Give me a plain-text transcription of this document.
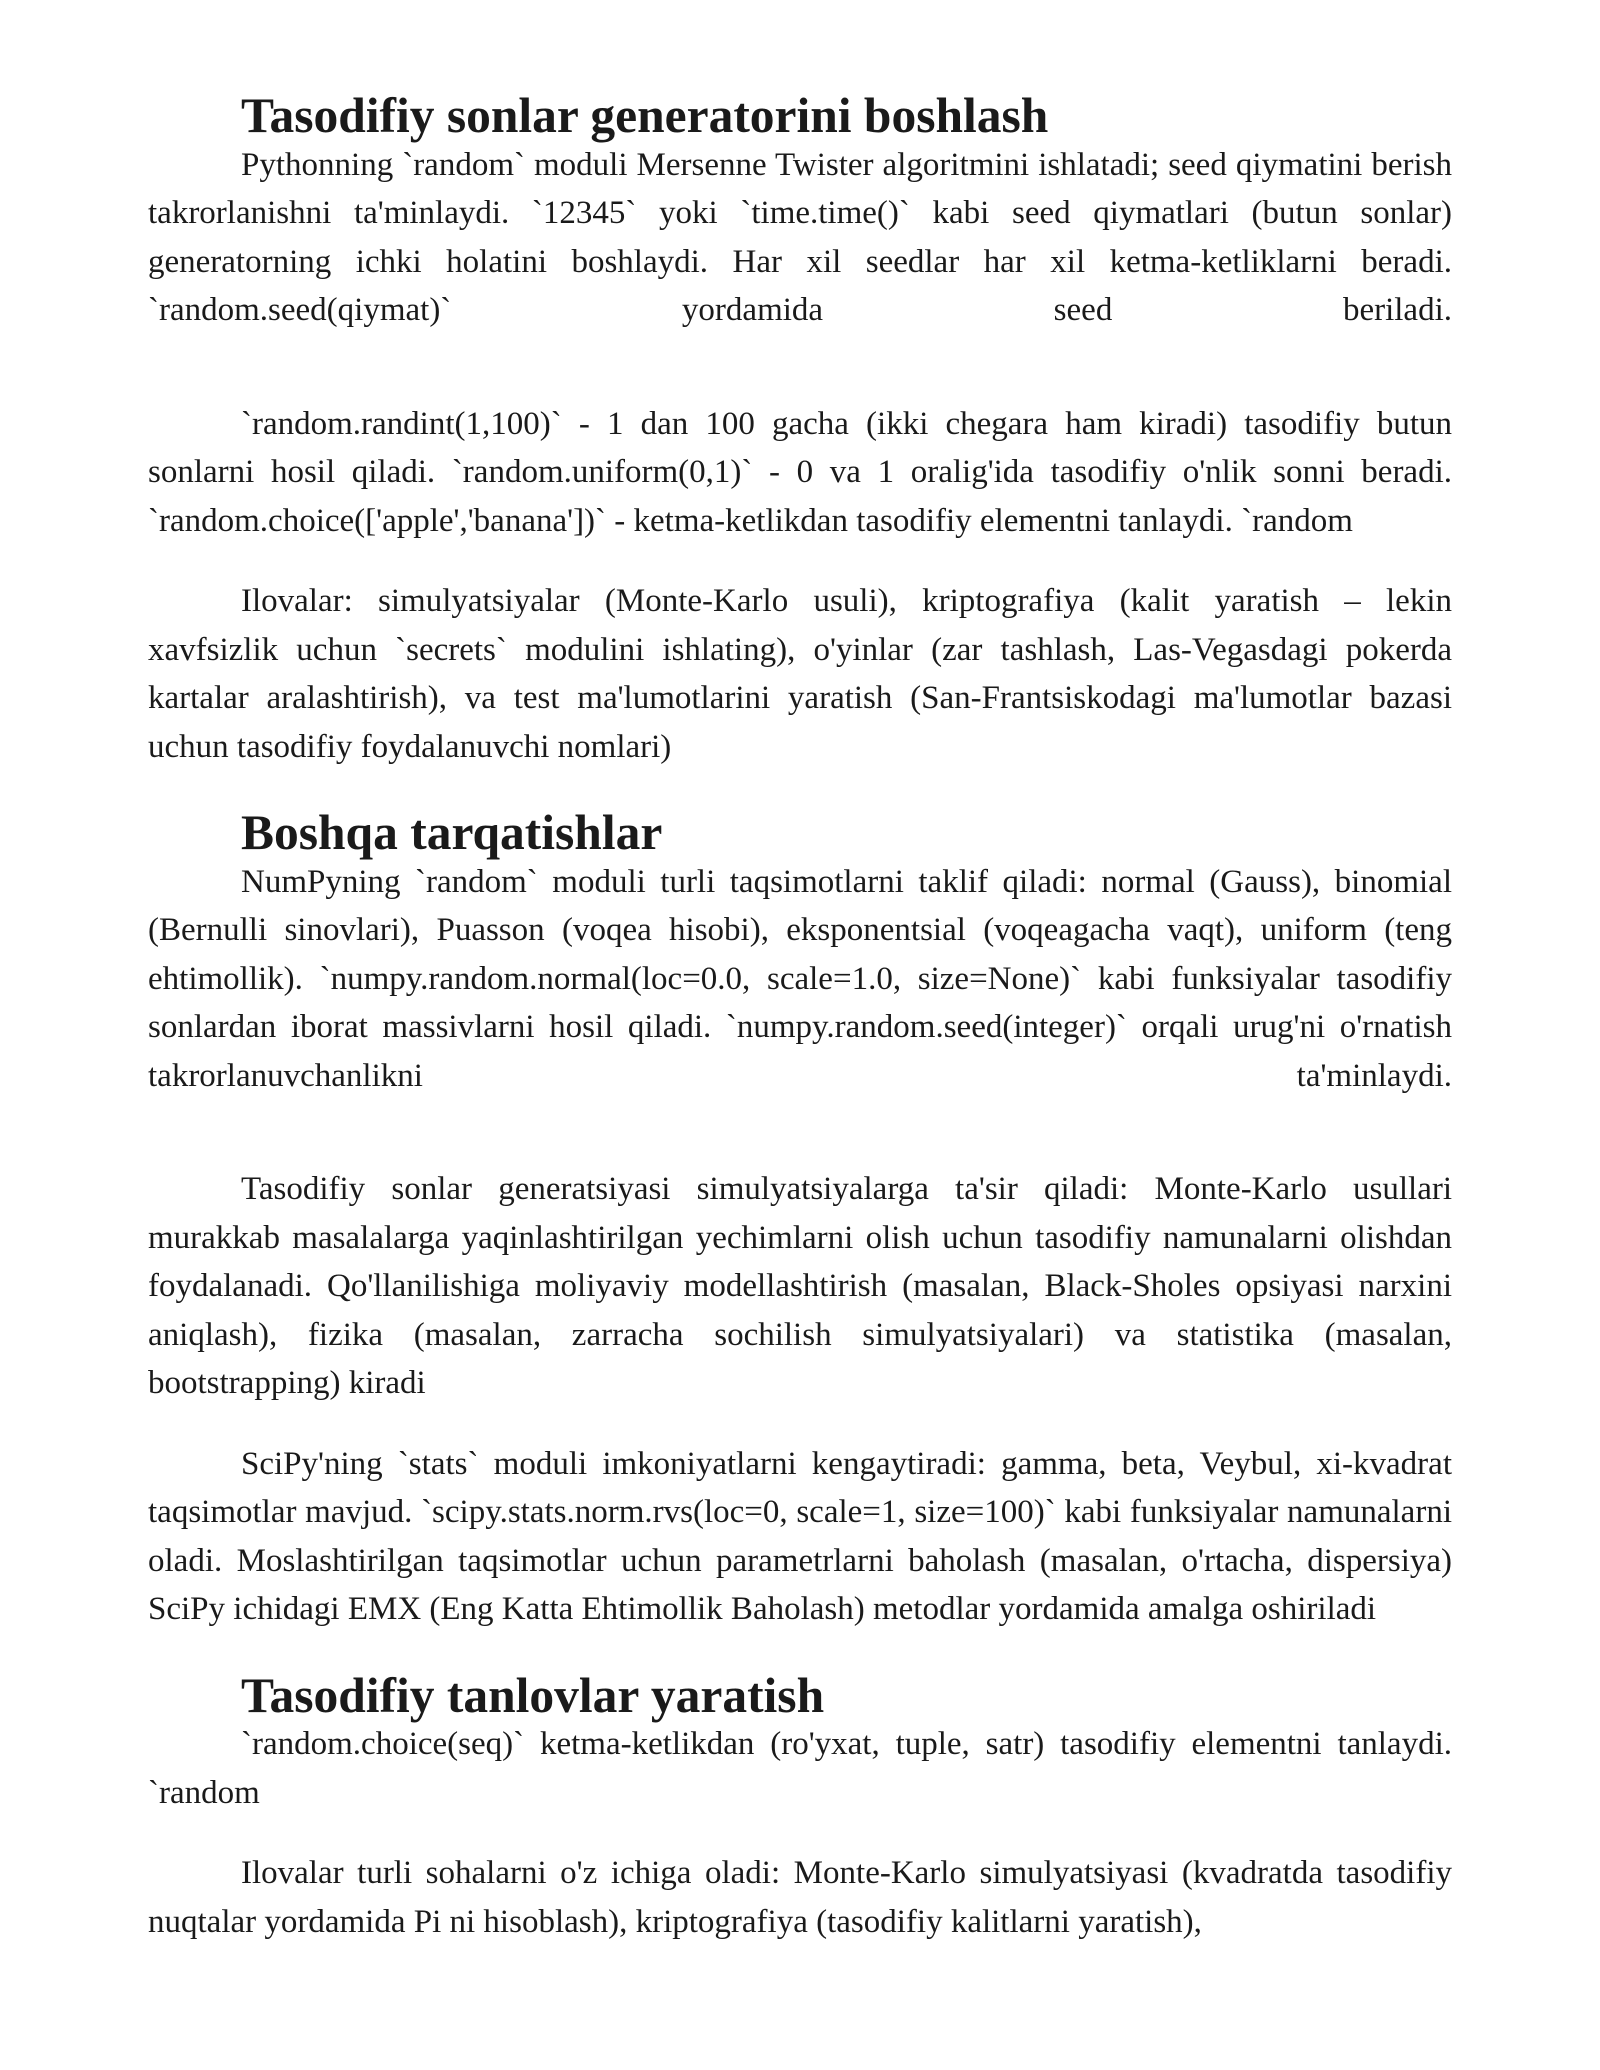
Tasodifiy sonlar generatorini boshlash

Pythonning `random` moduli Mersenne Twister algoritmini ishlatadi; seed qiymatini berish takrorlanishni ta'minlaydi. `12345` yoki `time.time()` kabi seed qiymatlari (butun sonlar) generatorning ichki holatini boshlaydi. Har xil seedlar har xil ketma-ketliklarni beradi. `random.seed(qiymat)` yordamida seed beriladi.

`random.randint(1,100)` - 1 dan 100 gacha (ikki chegara ham kiradi) tasodifiy butun sonlarni hosil qiladi. `random.uniform(0,1)` - 0 va 1 oralig'ida tasodifiy o'nlik sonni beradi. `random.choice(['apple','banana'])` - ketma-ketlikdan tasodifiy elementni tanlaydi. `random

Ilovalar: simulyatsiyalar (Monte-Karlo usuli), kriptografiya (kalit yaratish – lekin xavfsizlik uchun `secrets` modulini ishlating), o'yinlar (zar tashlash, Las-Vegasdagi pokerda kartalar aralashtirish), va test ma'lumotlarini yaratish (San-Frantsiskodagi ma'lumotlar bazasi uchun tasodifiy foydalanuvchi nomlari)

Boshqa tarqatishlar

NumPyning `random` moduli turli taqsimotlarni taklif qiladi: normal (Gauss), binomial (Bernulli sinovlari), Puasson (voqea hisobi), eksponentsial (voqeagacha vaqt), uniform (teng ehtimollik). `numpy.random.normal(loc=0.0, scale=1.0, size=None)` kabi funksiyalar tasodifiy sonlardan iborat massivlarni hosil qiladi. `numpy.random.seed(integer)` orqali urug'ni o'rnatish takrorlanuvchanlikni ta'minlaydi.

Tasodifiy sonlar generatsiyasi simulyatsiyalarga ta'sir qiladi: Monte-Karlo usullari murakkab masalalarga yaqinlashtirilgan yechimlarni olish uchun tasodifiy namunalarni olishdan foydalanadi. Qo'llanilishiga moliyaviy modellashtirish (masalan, Black-Sholes opsiyasi narxini aniqlash), fizika (masalan, zarracha sochilish simulyatsiyalari) va statistika (masalan, bootstrapping) kiradi

SciPy'ning `stats` moduli imkoniyatlarni kengaytiradi: gamma, beta, Veybul, xi-kvadrat taqsimotlar mavjud. `scipy.stats.norm.rvs(loc=0, scale=1, size=100)` kabi funksiyalar namunalarni oladi. Moslashtirilgan taqsimotlar uchun parametrlarni baholash (masalan, o'rtacha, dispersiya) SciPy ichidagi EMX (Eng Katta Ehtimollik Baholash) metodlar yordamida amalga oshiriladi

Tasodifiy tanlovlar yaratish

`random.choice(seq)` ketma-ketlikdan (ro'yxat, tuple, satr) tasodifiy elementni tanlaydi. `random

Ilovalar turli sohalarni o'z ichiga oladi: Monte-Karlo simulyatsiyasi (kvadratda tasodifiy nuqtalar yordamida Pi ni hisoblash), kriptografiya (tasodifiy kalitlarni yaratish),
